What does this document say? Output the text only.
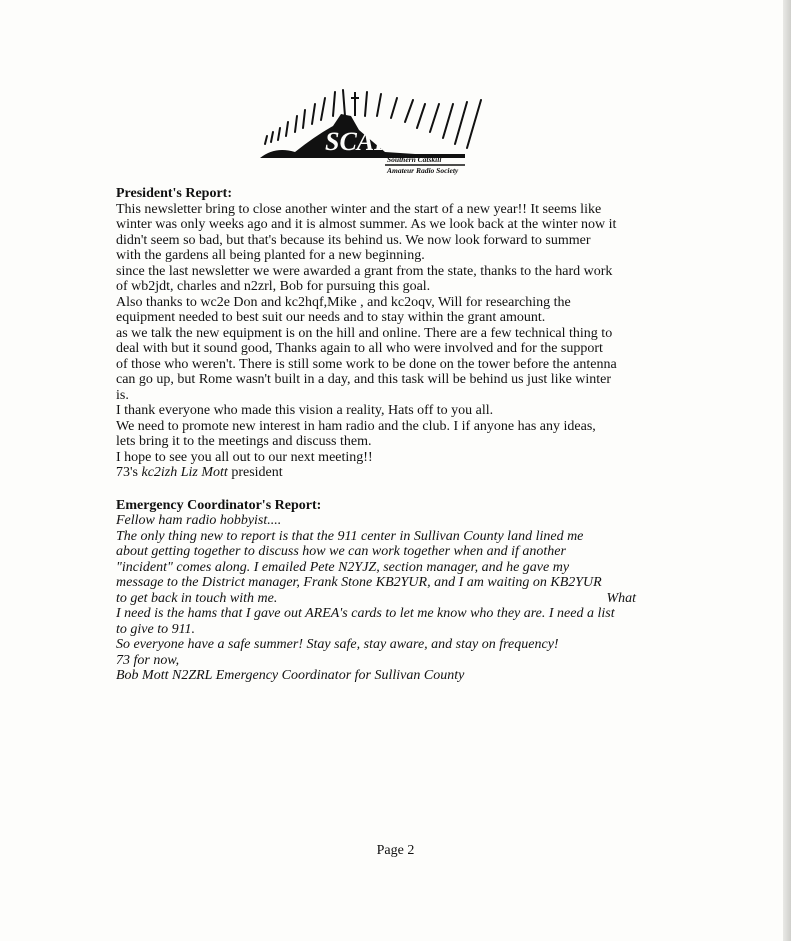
SCARS
Southern Catskill
Amateur Radio Society

President's Report:

This newsletter bring to close another winter and the start of a new year!! It seems like

winter was only weeks ago and it is almost summer. As we look back at the winter now it

didn't seem so bad, but that's because its behind us. We now look forward to summer

with the gardens all being planted for a new beginning.

since the last newsletter we were awarded a grant from the state, thanks to the hard work

of wb2jdt, charles and n2zrl, Bob for pursuing this goal.

Also thanks to wc2e Don and kc2hqf,Mike , and kc2oqv, Will for researching the

equipment needed to best suit our needs and to stay within the grant amount.

as we talk the new equipment is on the hill and online. There are a few technical thing to

deal with but it sound good, Thanks again to all who were involved and for the support

of those who weren't. There is still some work to be done on the tower before the antenna

can go up, but Rome wasn't built in a day, and this task will be behind us just like winter

is.

I thank everyone who made this vision a reality, Hats off to you all.

We need to promote new interest in ham radio and the club. I if anyone has any ideas,

lets bring it to the meetings and discuss them.

I hope to see you all out to our next meeting!!

73's kc2izh Liz Mott president

Emergency Coordinator's Report:

Fellow ham radio hobbyist....

The only thing new to report is that the 911 center in Sullivan County land lined me

about getting together to discuss how we can work together when and if another

"incident" comes along. I emailed Pete N2YJZ, section manager, and he gave my

message to the District manager, Frank Stone KB2YUR, and I am waiting on KB2YUR

to get back in touch with me.	What

I need is the hams that I gave out AREA's cards to let me know who they are. I need a list

to give to 911.

So everyone have a safe summer! Stay safe, stay aware, and stay on frequency!

73 for now,

Bob Mott N2ZRL Emergency Coordinator for Sullivan County

Page 2
